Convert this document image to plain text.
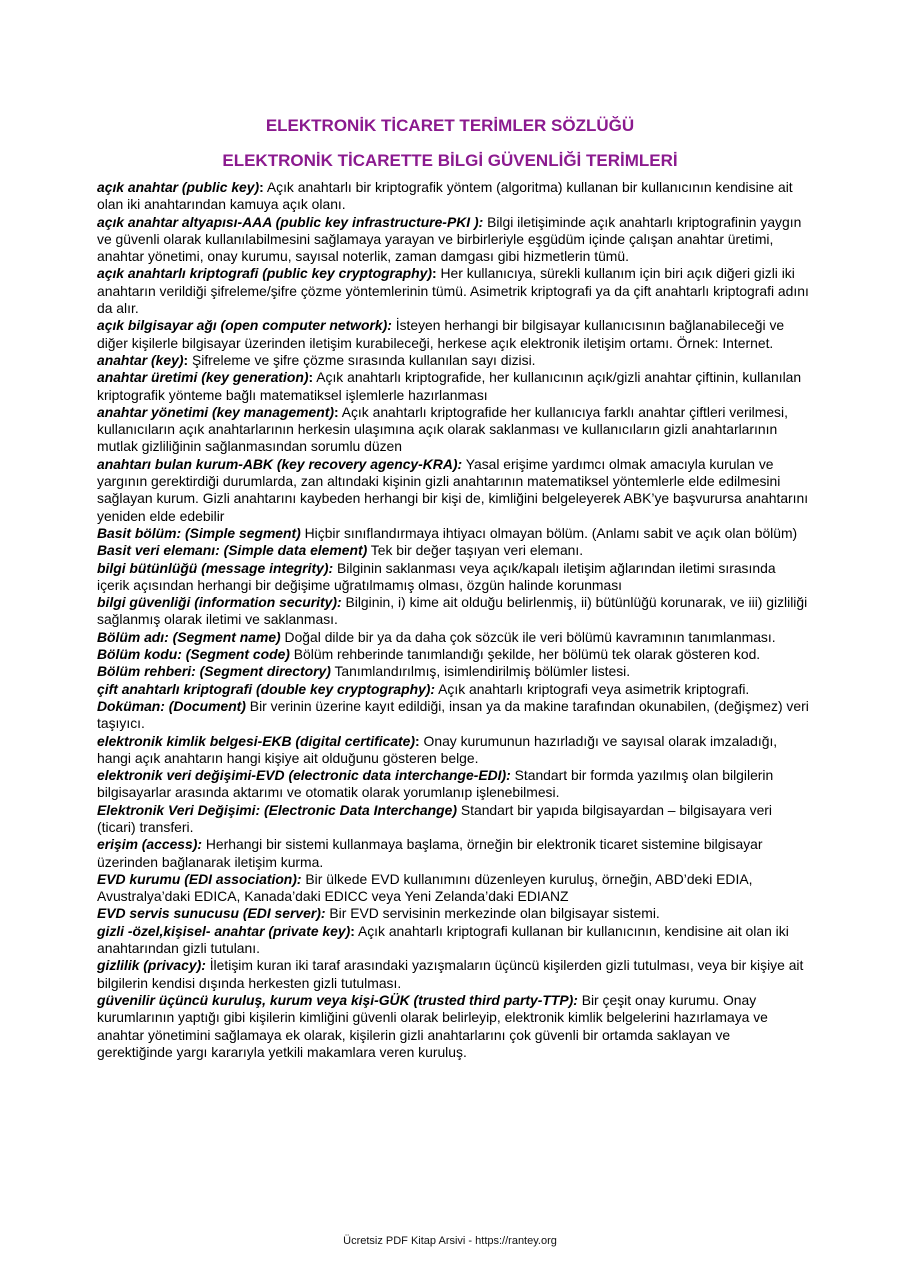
ELEKTRONİK TİCARET TERİMLER SÖZLÜĞÜ
ELEKTRONİK TİCARETTE BİLGİ GÜVENLİĞİ TERİMLERİ

açık anahtar (public key): Açık anahtarlı bir kriptografik yöntem (algoritma) kullanan bir kullanıcının kendisine ait olan iki anahtarından kamuya açık olanı.

açık anahtar altyapısı-AAA (public key infrastructure-PKI ): Bilgi iletişiminde açık anahtarlı kriptografinin yaygın ve güvenli olarak kullanılabilmesini sağlamaya yarayan ve birbirleriyle eşgüdüm içinde çalışan anahtar üretimi, anahtar yönetimi, onay kurumu, sayısal noterlik, zaman damgası gibi hizmetlerin tümü.

açık anahtarlı kriptografi (public key cryptography): Her kullanıcıya, sürekli kullanım için biri açık diğeri gizli iki anahtarın verildiği şifreleme/şifre çözme yöntemlerinin tümü. Asimetrik kriptografi ya da çift anahtarlı kriptografi adını da alır.

açık bilgisayar ağı (open computer network): İsteyen herhangi bir bilgisayar kullanıcısının bağlanabileceği ve diğer kişilerle bilgisayar üzerinden iletişim kurabileceği, herkese açık elektronik iletişim ortamı. Örnek: Internet.

anahtar (key): Şifreleme ve şifre çözme sırasında kullanılan sayı dizisi.

anahtar üretimi (key generation): Açık anahtarlı kriptografide, her kullanıcının açık/gizli anahtar çiftinin, kullanılan kriptografik yönteme bağlı matematiksel işlemlerle hazırlanması

anahtar yönetimi (key management): Açık anahtarlı kriptografide her kullanıcıya farklı anahtar çiftleri verilmesi, kullanıcıların açık anahtarlarının herkesin ulaşımına açık olarak saklanması ve kullanıcıların gizli anahtarlarının mutlak gizliliğinin sağlanmasından sorumlu düzen

anahtarı bulan kurum-ABK (key recovery agency-KRA): Yasal erişime yardımcı olmak amacıyla kurulan ve yargının gerektirdiği durumlarda, zan altındaki kişinin gizli anahtarının matematiksel yöntemlerle elde edilmesini sağlayan kurum. Gizli anahtarını kaybeden herhangi bir kişi de, kimliğini belgeleyerek ABK’ye başvurursa anahtarını yeniden elde edebilir

Basit bölüm: (Simple segment) Hiçbir sınıflandırmaya ihtiyacı olmayan bölüm. (Anlamı sabit ve açık olan bölüm)

Basit veri elemanı: (Simple data element) Tek bir değer taşıyan veri elemanı.

bilgi bütünlüğü (message integrity): Bilginin saklanması veya açık/kapalı iletişim ağlarından iletimi sırasında içerik açısından herhangi bir değişime uğratılmamış olması, özgün halinde korunması

bilgi güvenliği (information security): Bilginin, i) kime ait olduğu belirlenmiş, ii) bütünlüğü korunarak, ve iii) gizliliği sağlanmış olarak iletimi ve saklanması.

Bölüm adı: (Segment name) Doğal dilde bir ya da daha çok sözcük ile veri bölümü kavramının tanımlanması.

Bölüm kodu: (Segment code) Bölüm rehberinde tanımlandığı şekilde, her bölümü tek olarak gösteren kod.

Bölüm rehberi: (Segment directory) Tanımlandırılmış, isimlendirilmiş bölümler listesi.

çift anahtarlı kriptografi (double key cryptography): Açık anahtarlı kriptografi veya asimetrik kriptografi.

Doküman: (Document) Bir verinin üzerine kayıt edildiği, insan ya da makine tarafından okunabilen, (değişmez) veri taşıyıcı.

elektronik kimlik belgesi-EKB (digital certificate): Onay kurumunun hazırladığı ve sayısal olarak imzaladığı, hangi açık anahtarın hangi kişiye ait olduğunu gösteren belge.

elektronik veri değişimi-EVD (electronic data interchange-EDI): Standart bir formda yazılmış olan bilgilerin bilgisayarlar arasında aktarımı ve otomatik olarak yorumlanıp işlenebilmesi.

Elektronik Veri Değişimi: (Electronic Data Interchange) Standart bir yapıda bilgisayardan – bilgisayara veri (ticari) transferi.

erişim (access): Herhangi bir sistemi kullanmaya başlama, örneğin bir elektronik ticaret sistemine bilgisayar üzerinden bağlanarak iletişim kurma.

EVD kurumu (EDI association): Bir ülkede EVD kullanımını düzenleyen kuruluş, örneğin, ABD’deki EDIA, Avustralya’daki EDICA, Kanada’daki EDICC veya Yeni Zelanda’daki EDIANZ

EVD servis sunucusu (EDI server): Bir EVD servisinin merkezinde olan bilgisayar sistemi.

gizli -özel,kişisel- anahtar (private key): Açık anahtarlı kriptografi kullanan bir kullanıcının, kendisine ait olan iki anahtarından gizli tutulanı.

gizlilik (privacy): İletişim kuran iki taraf arasındaki yazışmaların üçüncü kişilerden gizli tutulması, veya bir kişiye ait bilgilerin kendisi dışında herkesten gizli tutulması.

güvenilir üçüncü kuruluş, kurum veya kişi-GÜK (trusted third party-TTP): Bir çeşit onay kurumu. Onay kurumlarının yaptığı gibi kişilerin kimliğini güvenli olarak belirleyip, elektronik kimlik belgelerini hazırlamaya ve anahtar yönetimini sağlamaya ek olarak, kişilerin gizli anahtarlarını çok güvenli bir ortamda saklayan ve gerektiğinde yargı kararıyla yetkili makamlara veren kuruluş.

Ücretsiz PDF Kitap Arsivi - https://rantey.org
